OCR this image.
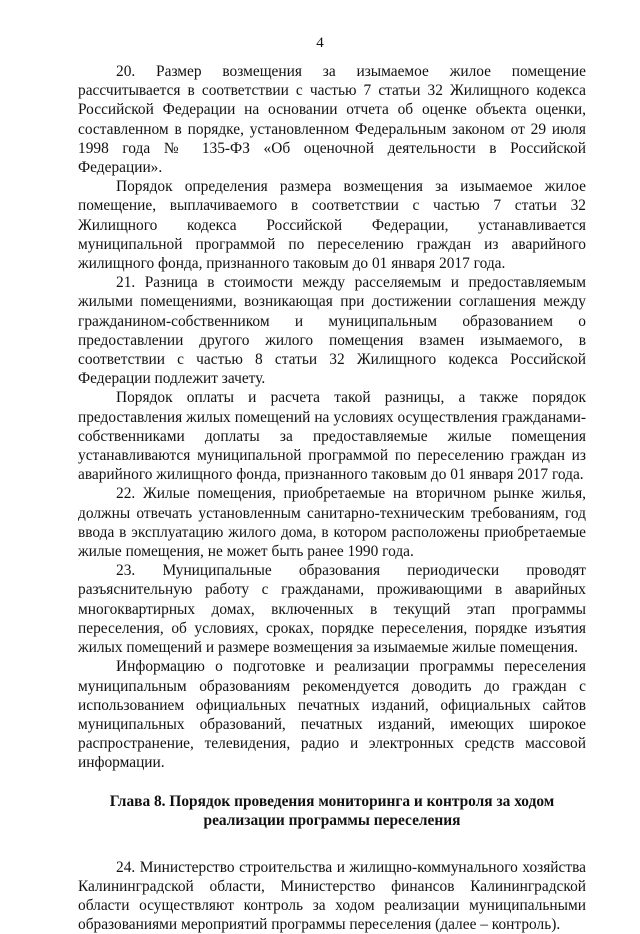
4

20. Размер возмещения за изымаемое жилое помещение рассчитывается в соответствии с частью 7 статьи 32 Жилищного кодекса Российской Федерации на основании отчета об оценке объекта оценки, составленном в порядке, установленном Федеральным законом от 29 июля 1998 года № 135-ФЗ «Об оценочной деятельности в Российской Федерации».

Порядок определения размера возмещения за изымаемое жилое помещение, выплачиваемого в соответствии с частью 7 статьи 32 Жилищного кодекса Российской Федерации, устанавливается муниципальной программой по переселению граждан из аварийного жилищного фонда, признанного таковым до 01 января 2017 года.

21. Разница в стоимости между расселяемым и предоставляемым жилыми помещениями, возникающая при достижении соглашения между гражданином-собственником и муниципальным образованием о предоставлении другого жилого помещения взамен изымаемого, в соответствии с частью 8 статьи 32 Жилищного кодекса Российской Федерации подлежит зачету.

Порядок оплаты и расчета такой разницы, а также порядок предоставления жилых помещений на условиях осуществления гражданами-собственниками доплаты за предоставляемые жилые помещения устанавливаются муниципальной программой по переселению граждан из аварийного жилищного фонда, признанного таковым до 01 января 2017 года.

22. Жилые помещения, приобретаемые на вторичном рынке жилья, должны отвечать установленным санитарно-техническим требованиям, год ввода в эксплуатацию жилого дома, в котором расположены приобретаемые жилые помещения, не может быть ранее 1990 года.

23. Муниципальные образования периодически проводят разъяснительную работу с гражданами, проживающими в аварийных многоквартирных домах, включенных в текущий этап программы переселения, об условиях, сроках, порядке переселения, порядке изъятия жилых помещений и размере возмещения за изымаемые жилые помещения.

Информацию о подготовке и реализации программы переселения муниципальным образованиям рекомендуется доводить до граждан с использованием официальных печатных изданий, официальных сайтов муниципальных образований, печатных изданий, имеющих широкое распространение, телевидения, радио и электронных средств массовой информации.

Глава 8. Порядок проведения мониторинга и контроля за ходом
реализации программы переселения

24. Министерство строительства и жилищно-коммунального хозяйства Калининградской области, Министерство финансов Калининградской области осуществляют контроль за ходом реализации муниципальными образованиями мероприятий программы переселения (далее – контроль).
